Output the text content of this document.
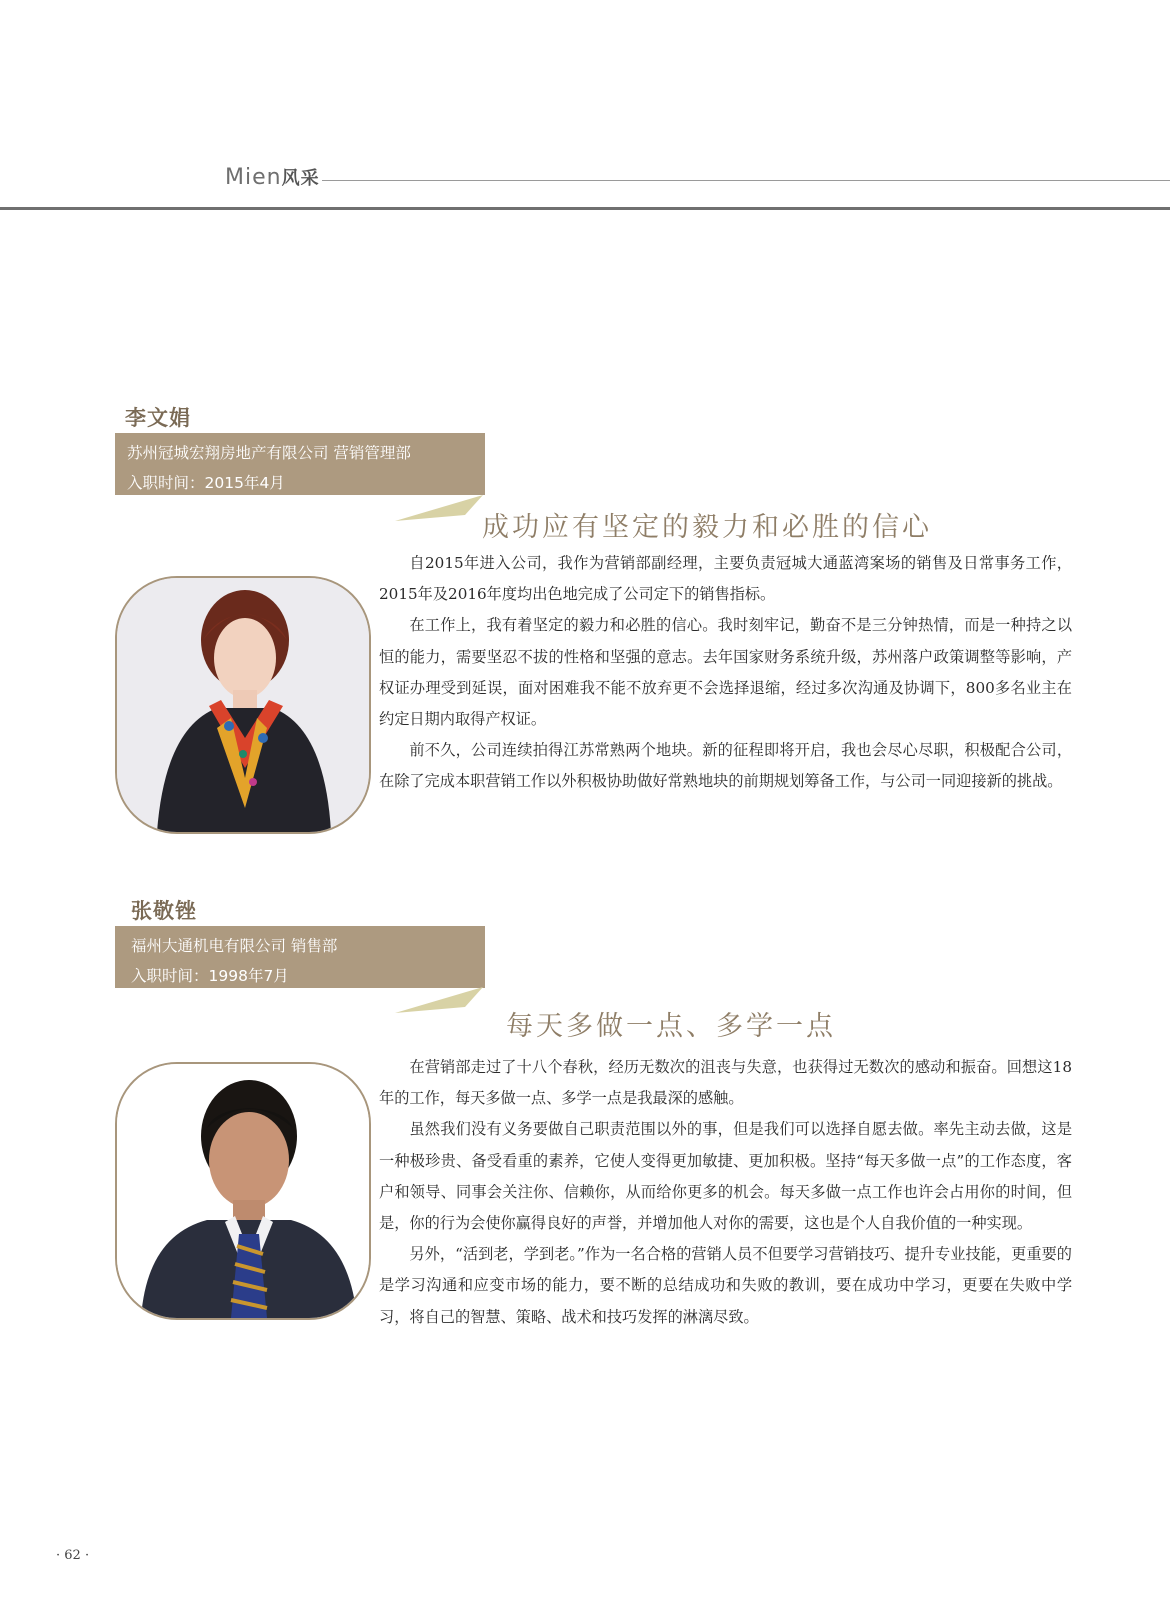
Mien风采
李文娟
苏州冠城宏翔房地产有限公司 营销管理部
入职时间：2015年4月
成功应有坚定的毅力和必胜的信心

自2015年进入公司，我作为营销部副经理，主要负责冠城大通蓝湾案场的销售及日常事务工作，2015年及2016年度均出色地完成了公司定下的销售指标。

在工作上，我有着坚定的毅力和必胜的信心。我时刻牢记，勤奋不是三分钟热情，而是一种持之以恒的能力，需要坚忍不拔的性格和坚强的意志。去年国家财务系统升级，苏州落户政策调整等影响，产权证办理受到延误，面对困难我不能不放弃更不会选择退缩，经过多次沟通及协调下，800多名业主在约定日期内取得产权证。

前不久，公司连续拍得江苏常熟两个地块。新的征程即将开启，我也会尽心尽职，积极配合公司，在除了完成本职营销工作以外积极协助做好常熟地块的前期规划筹备工作，与公司一同迎接新的挑战。

张敬锉
福州大通机电有限公司 销售部
入职时间：1998年7月
每天多做一点、多学一点

在营销部走过了十八个春秋，经历无数次的沮丧与失意，也获得过无数次的感动和振奋。回想这18年的工作，每天多做一点、多学一点是我最深的感触。

虽然我们没有义务要做自己职责范围以外的事，但是我们可以选择自愿去做。率先主动去做，这是一种极珍贵、备受看重的素养，它使人变得更加敏捷、更加积极。坚持“每天多做一点”的工作态度，客户和领导、同事会关注你、信赖你，从而给你更多的机会。每天多做一点工作也许会占用你的时间，但是，你的行为会使你赢得良好的声誉，并增加他人对你的需要，这也是个人自我价值的一种实现。

另外，“活到老，学到老。”作为一名合格的营销人员不但要学习营销技巧、提升专业技能，更重要的是学习沟通和应变市场的能力，要不断的总结成功和失败的教训，要在成功中学习，更要在失败中学习，将自己的智慧、策略、战术和技巧发挥的淋漓尽致。

· 62 ·
